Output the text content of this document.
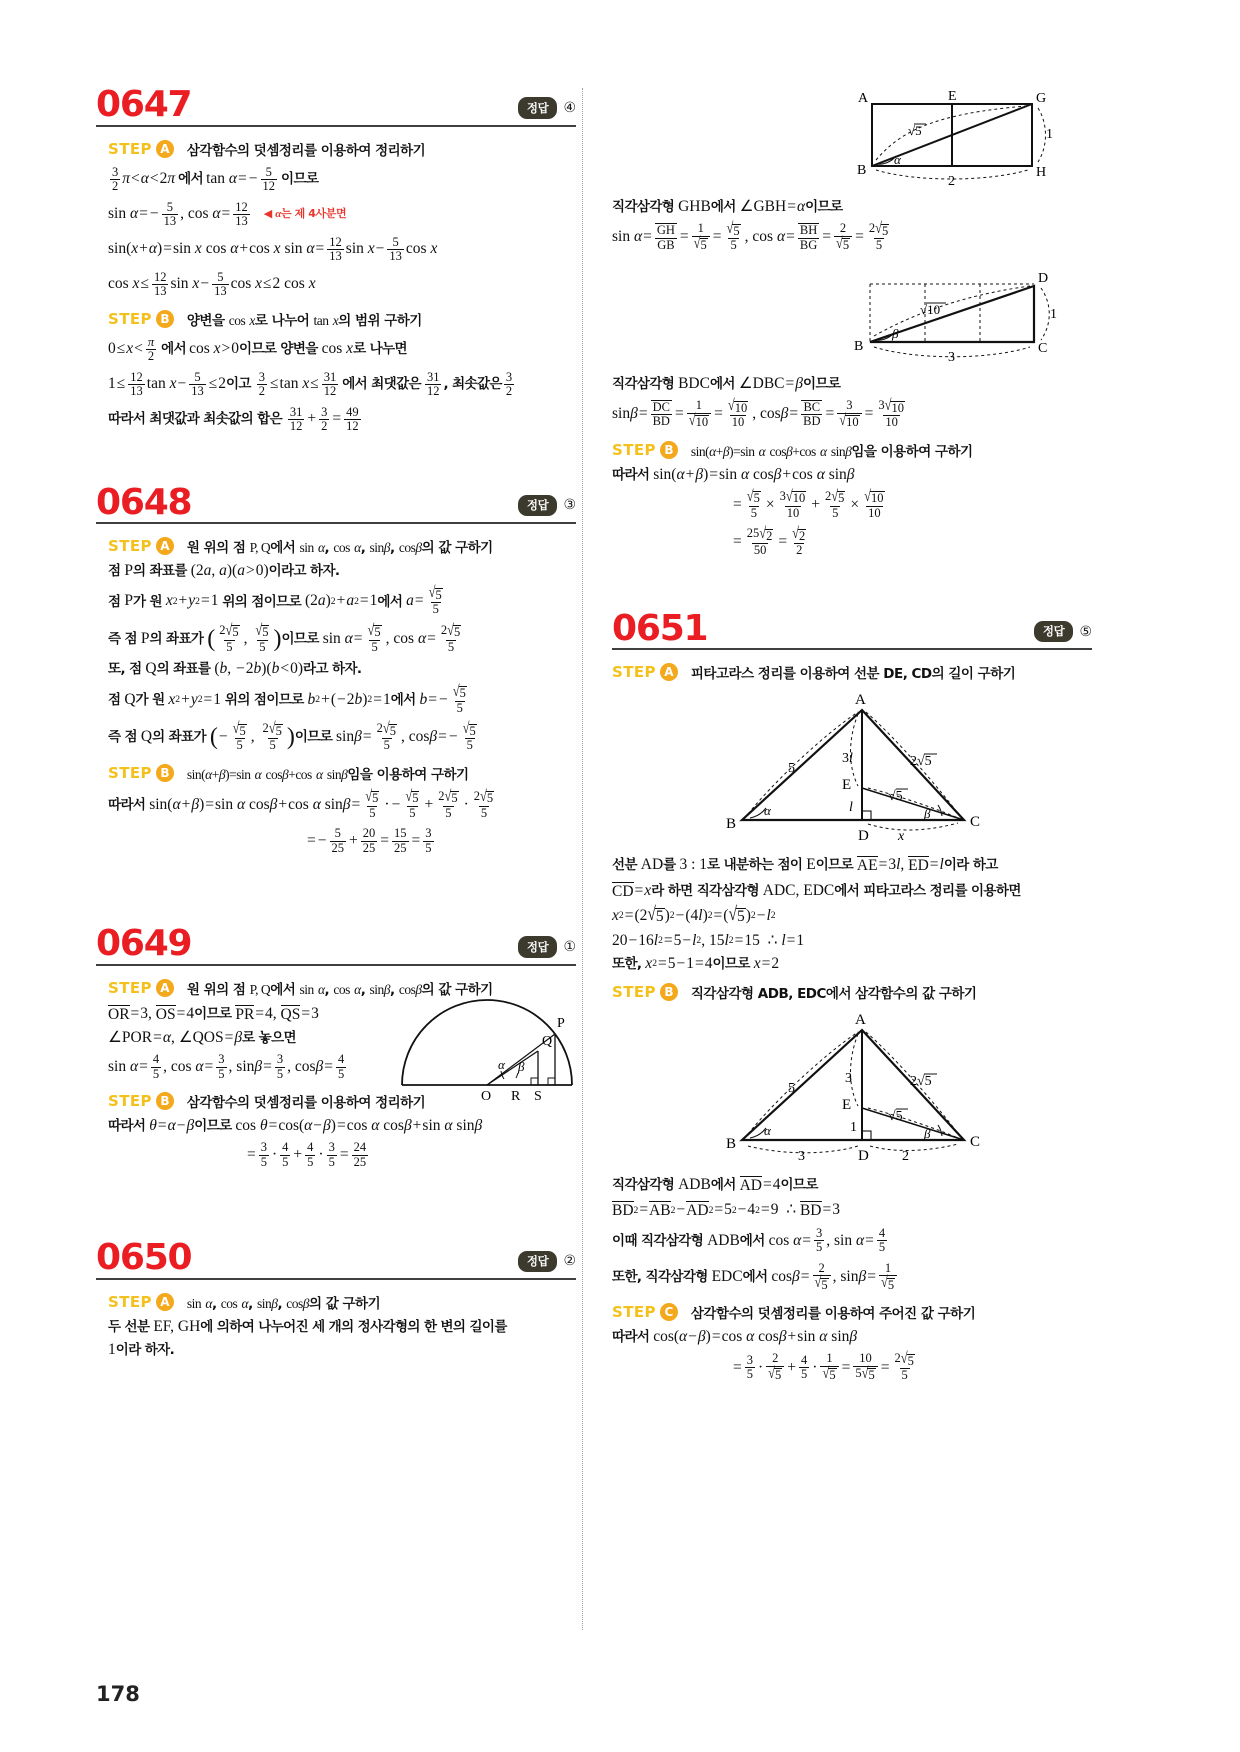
0647	정답	④
STEP A	삼각함수의 덧셈정리를 이용하여 정리하기
$\frac{3}{2}$ π < α < 2 π 에서 tan
α = − $\frac{5}{12}$ 이므로
sin
α = − $\frac{5}{13}$ , cos
$\alpha = \frac{12}{13}$ ◀ α는 제 4사분면
sin( x + α ) = sin
x
cos
α + cos
x
sin
$\alpha = \frac{12}{13}$ sin
$x - \frac{5}{13}$ cos
x
cos
$x \le \frac{12}{13}$ sin
$x - \frac{5}{13}$ cos
x ≤ 2 cos
x
STEP B	양변을 cos x로 나누어 tan x의 범위 구하기
$0 \le x < \frac{\pi}{2}$ 에서 cos
x > 0 이므로 양변을
cos
x 로 나누면
$1 \le \frac{12}{13}$ tan
$x - \frac{5}{13} \le 2$ 이고
$\frac{3}{2} \le \tan$
$x \le \frac{31}{12}$ 에서 최댓값은 $\frac{31}{12}$ , 최솟값은 $\frac{3}{2}$
따라서 최댓값과 최솟값의 합은
$\frac{31}{12} + \frac{3}{2} = \frac{49}{12}$
0648	정답	③
STEP A	원 위의 점 P, Q에서 sin α, cos α, sinβ, cosβ의 값 구하기
점
P 의 좌표를
(2 a , a )( a > 0) 이라고 하자.
점
P 가 원
x 2 + y 2 = 1
위의 점이므로
(2 a ) 2 + a 2 = 1 에서
$a = \frac{√ 5}{5}$
즉 점
P 의 좌표가
( $\frac{2 √ 5}{5}$ , $\frac{√ 5}{5}$ ) 이므로
sin
$\alpha = \frac{√ 5}{5}$ , cos
$\alpha = \frac{2 √ 5}{5}$
또, 점
Q 의 좌표를
( b , − 2 b )( b < 0) 라고 하자.
점
Q 가 원
x 2 + y 2 = 1
위의 점이므로
b 2 + ( − 2 b ) 2 = 1 에서
b = − $\frac{√ 5}{5}$
즉 점
Q 의 좌표가
( − $\frac{√ 5}{5}$ , $\frac{2 √ 5}{5}$ ) 이므로
$\sin \beta = \frac{2 √ 5}{5}$ , cos β = − $\frac{√ 5}{5}$
STEP B	sin(α+β)=sin α cosβ+cos α sinβ임을 이용하여 구하기
따라서
sin( α + β ) = sin
α
cos β + cos
α
$\sin \beta = \frac{√ 5}{5}$ · − $\frac{√ 5}{5} + \frac{2 √ 5}{5} \cdot \frac{2 √ 5}{5}$
= − $\frac{5}{25} + \frac{20}{25} = \frac{15}{25} = \frac{3}{5}$
0649	정답	①
STEP A	원 위의 점 P, Q에서 sin α, cos α, sinβ, cosβ의 값 구하기
OR = 3, OS = 4 이므로
PR = 4, QS = 3
∠POR = α , ∠QOS = β 로 놓으면
sin
$\alpha = \frac{4}{5}$ , cos
$\alpha = \frac{3}{5}$ , $\sin \beta = \frac{3}{5}$ , $\cos \beta = \frac{4}{5}$
P
Q
O R S
α β
STEP B	삼각함수의 덧셈정리를 이용하여 정리하기
따라서
θ = α − β 이므로
cos
θ = cos( α − β ) = cos
α
cos β + sin
α
sin β
= $\frac{3}{5} \cdot \frac{4}{5} + \frac{4}{5} \cdot \frac{3}{5} = \frac{24}{25}$
0650	정답	②
STEP A	sin α, cos α, sinβ, cosβ의 값 구하기
두 선분
EF, GH 에 의하여 나누어진 세 개의 정사각형의 한 변의 길이를
1 이라 하자.
A	E	G
B	H
√5
2
1
α
직각삼각형
GHB 에서
∠GBH = α 이므로
sin
$\alpha = \frac{GH}{GB} = \frac{1}{√ 5} = \frac{√ 5}{5}$ , cos
$\alpha = \frac{BH}{BG} = \frac{2}{√ 5} = \frac{2 √ 5}{5}$
D
B	C
√10
3
1
β
직각삼각형
BDC 에서
∠DBC = β 이므로
$\sin \beta = \frac{DC}{BD} = \frac{1}{√ 10} = \frac{√ 10}{10}$ , $\cos \beta = \frac{BC}{BD} = \frac{3}{√ 10} = \frac{3 √ 10}{10}$
STEP B	sin(α+β)=sin α cosβ+cos α sinβ임을 이용하여 구하기
따라서
sin( α + β ) = sin
α
cos β + cos
α
sin β
= $\frac{√ 5}{5} \times \frac{3 √ 10}{10} + \frac{2 √ 5}{5} \times \frac{√ 10}{10}$
= $\frac{25 √ 2}{50} = \frac{√ 2}{2}$
0651	정답	⑤
STEP A	피타고라스 정리를 이용하여 선분 DE, CD의 길이 구하기
A
E
B
D
C
5
3l	2√5
√5
l
x
α	β
선분
AD 를
3 : 1 로 내분하는 점이
E 이므로
AE = 3 l , ED = l 이라 하고
CD = x 라 하면 직각삼각형
ADC, EDC 에서 피타고라스 정리를 이용하면
x 2 = (2 √ 5 ) 2 − (4 l ) 2 = ( √ 5 ) 2 − l 2
20 − 16 l 2 = 5 − l 2 , 15 l 2 = 15
∴ l = 1
또한,
x 2 = 5 − 1 = 4 이므로
x = 2
STEP B	직각삼각형 ADB, EDC에서 삼각함수의 값 구하기
A
E
B
D
C
5
3	2√5
√5
1
3	2
α	β
직각삼각형
ADB 에서
AD = 4 이므로
BD 2 = AB 2 − AD 2 = 5 2 − 4 2 = 9
∴ BD = 3
이때 직각삼각형
ADB 에서
cos
$\alpha = \frac{3}{5}$ , sin
$\alpha = \frac{4}{5}$
또한, 직각삼각형
EDC 에서
$\cos \beta = \frac{2}{√ 5}$ , $\sin \beta = \frac{1}{√ 5}$
STEP C	삼각함수의 덧셈정리를 이용하여 주어진 값 구하기
따라서
cos( α − β ) = cos
α
cos β + sin
α
sin β
= $\frac{3}{5} \cdot \frac{2}{√ 5} + \frac{4}{5} \cdot \frac{1}{√ 5} = \frac{10}{5 √ 5} = \frac{2 √ 5}{5}$
178
